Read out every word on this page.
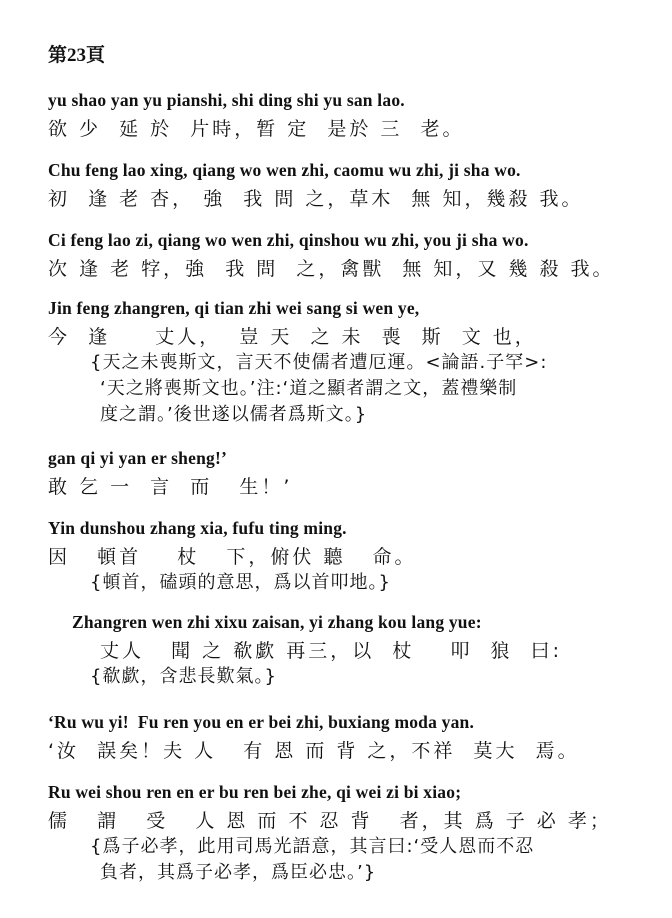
第23頁
yu shao yan yu pianshi, shi ding shi yu san lao.
欲 少  延 於  片時，暂 定  是於 三  老。
Chu feng lao xing, qiang wo wen zhi, caomu wu zhi, ji sha wo.
初  逢 老 杏， 強  我 問 之，草木  無 知，幾殺 我。
Ci feng lao zi, qiang wo wen zhi, qinshou wu zhi, you ji sha wo.
次 逢 老 牸，強  我 問  之，禽獸  無 知，又 幾 殺 我。
Jin feng zhangren, qi tian zhi wei sang si wen ye,
今  逢     丈人，  豈 天  之 未  喪  斯  文 也，
{天之未喪斯文，言天不使儒者遭厄運。<論語.子罕>:
‘天之將喪斯文也。’注:‘道之顯者謂之文，蓋禮樂制
度之謂。’後世遂以儒者爲斯文。}
gan qi yi yan er sheng!’
敢 乞 一  言  而   生！’
Yin dunshou zhang xia, fufu ting ming.
因   頓首    杖   下，俯伏 聽   命。
{頓首，磕頭的意思，爲以首叩地。}
Zhangren wen zhi xixu zaisan, yi zhang kou lang yue:
丈人   聞 之 欷歔 再三，以  杖    叩  狼  曰:
{欷歔，含悲長歎氣。}
‘Ru wu yi!  Fu ren you en er bei zhi, buxiang moda yan.
‘汝  誤矣！夫 人   有 恩 而 背 之，不祥  莫大  焉。
Ru wei shou ren en er bu ren bei zhe, qi wei zi bi xiao;
儒   謂   受   人 恩 而 不 忍 背   者，其 爲 子 必 孝；
{爲子必孝，此用司馬光語意，其言曰:‘受人恩而不忍
負者，其爲子必孝，爲臣必忠。’}
